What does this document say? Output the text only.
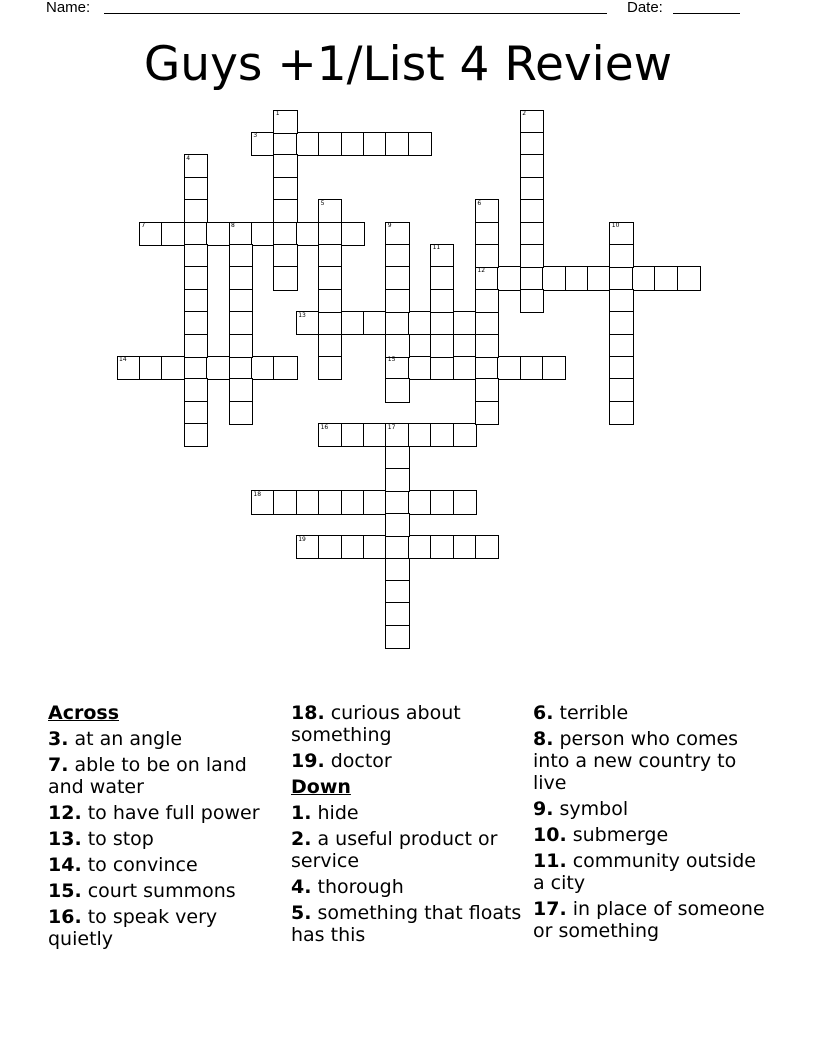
Name:	Date:
Guys +1/List 4 Review
1	2
3
4
5	6
7	8	9	10
11
12
13
14	15
16	17
18
19
Across
3. at an angle
7. able to be on land and water
12. to have full power
13. to stop
14. to convince
15. court summons
16. to speak very quietly
18. curious about something
19. doctor
Down
1. hide
2. a useful product or service
4. thorough
5. something that floats has this
6. terrible
8. person who comes into a new country to live
9. symbol
10. submerge
11. community outside a city
17. in place of someone or something
